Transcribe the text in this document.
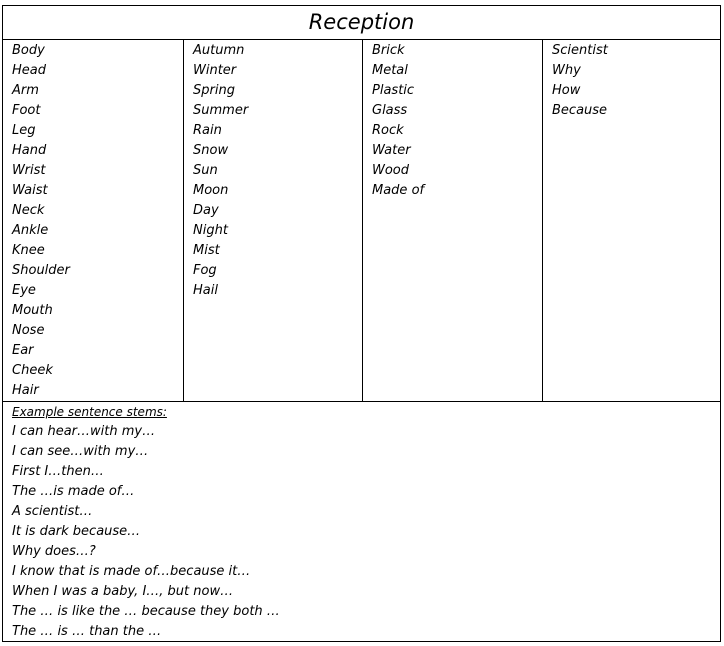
Reception
Body
Head
Arm
Foot
Leg
Hand
Wrist
Waist
Neck
Ankle
Knee
Shoulder
Eye
Mouth
Nose
Ear
Cheek
Hair
Autumn
Winter
Spring
Summer
Rain
Snow
Sun
Moon
Day
Night
Mist
Fog
Hail
Brick
Metal
Plastic
Glass
Rock
Water
Wood
Made of
Scientist
Why
How
Because
Example sentence stems:
I can hear…with my…
I can see…with my…
First I…then…
The …is made of…
A scientist…
It is dark because…
Why does…?
I know that is made of…because it…
When I was a baby, I…, but now…
The … is like the … because they both …
The … is … than the …
